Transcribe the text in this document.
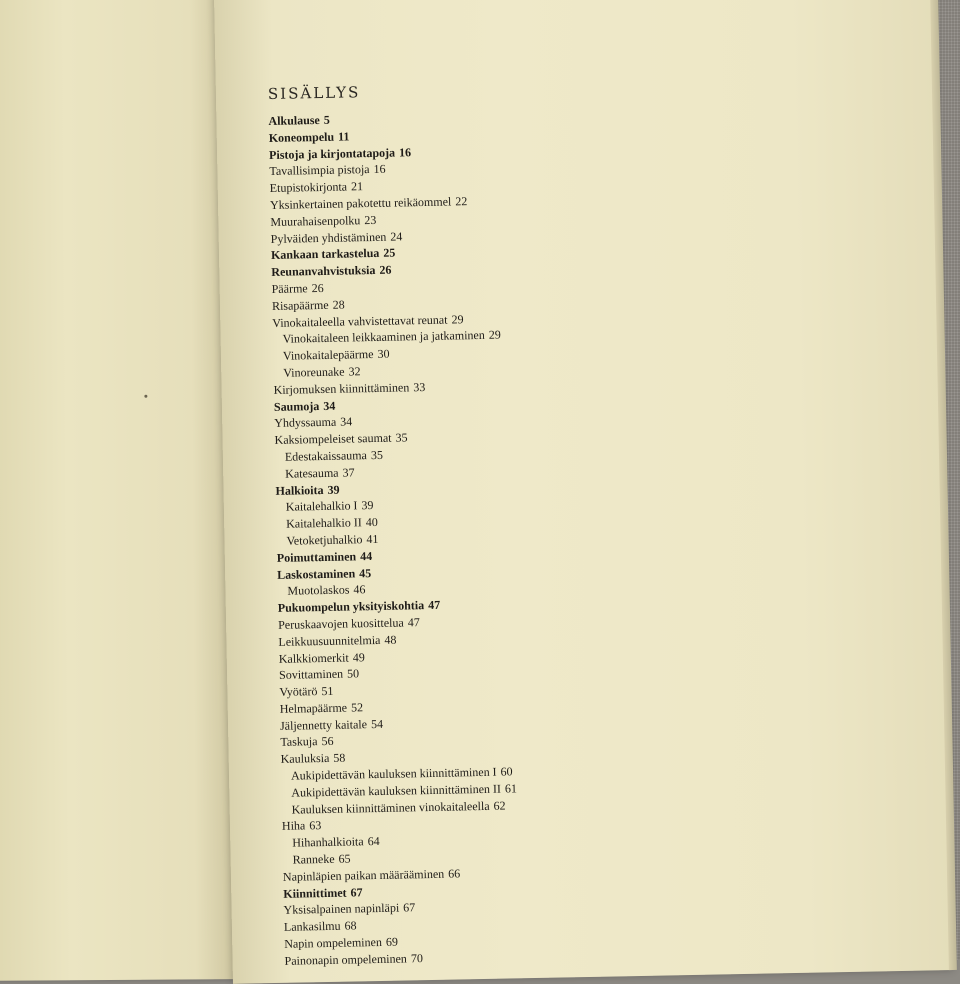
SISÄLLYS
Alkulause 5
Koneompelu 11
Pistoja ja kirjontatapoja 16
Tavallisimpia pistoja 16
Etupistokirjonta 21
Yksinkertainen pakotettu reikäommel 22
Muurahaisenpolku 23
Pylväiden yhdistäminen 24
Kankaan tarkastelua 25
Reunanvahvistuksia 26
Päärme 26
Risapäärme 28
Vinokaitaleella vahvistettavat reunat 29
Vinokaitaleen leikkaaminen ja jatkaminen 29
Vinokaitalepäärme 30
Vinoreunake 32
Kirjomuksen kiinnittäminen 33
Saumoja 34
Yhdyssauma 34
Kaksiompeleiset saumat 35
Edestakaissauma 35
Katesauma 37
Halkioita 39
Kaitalehalkio I 39
Kaitalehalkio II 40
Vetoketjuhalkio 41
Poimuttaminen 44
Laskostaminen 45
Muotolaskos 46
Pukuompelun yksityiskohtia 47
Peruskaavojen kuosittelua 47
Leikkuusuunnitelmia 48
Kalkkiomerkit 49
Sovittaminen 50
Vyötärö 51
Helmapäärme 52
Jäljennetty kaitale 54
Taskuja 56
Kauluksia 58
Aukipidettävän kauluksen kiinnittäminen I 60
Aukipidettävän kauluksen kiinnittäminen II 61
Kauluksen kiinnittäminen vinokaitaleella 62
Hiha 63
Hihanhalkioita 64
Ranneke 65
Napinläpien paikan määrääminen 66
Kiinnittimet 67
Yksisalpainen napinläpi 67
Lankasilmu 68
Napin ompeleminen 69
Painonapin ompeleminen 70
